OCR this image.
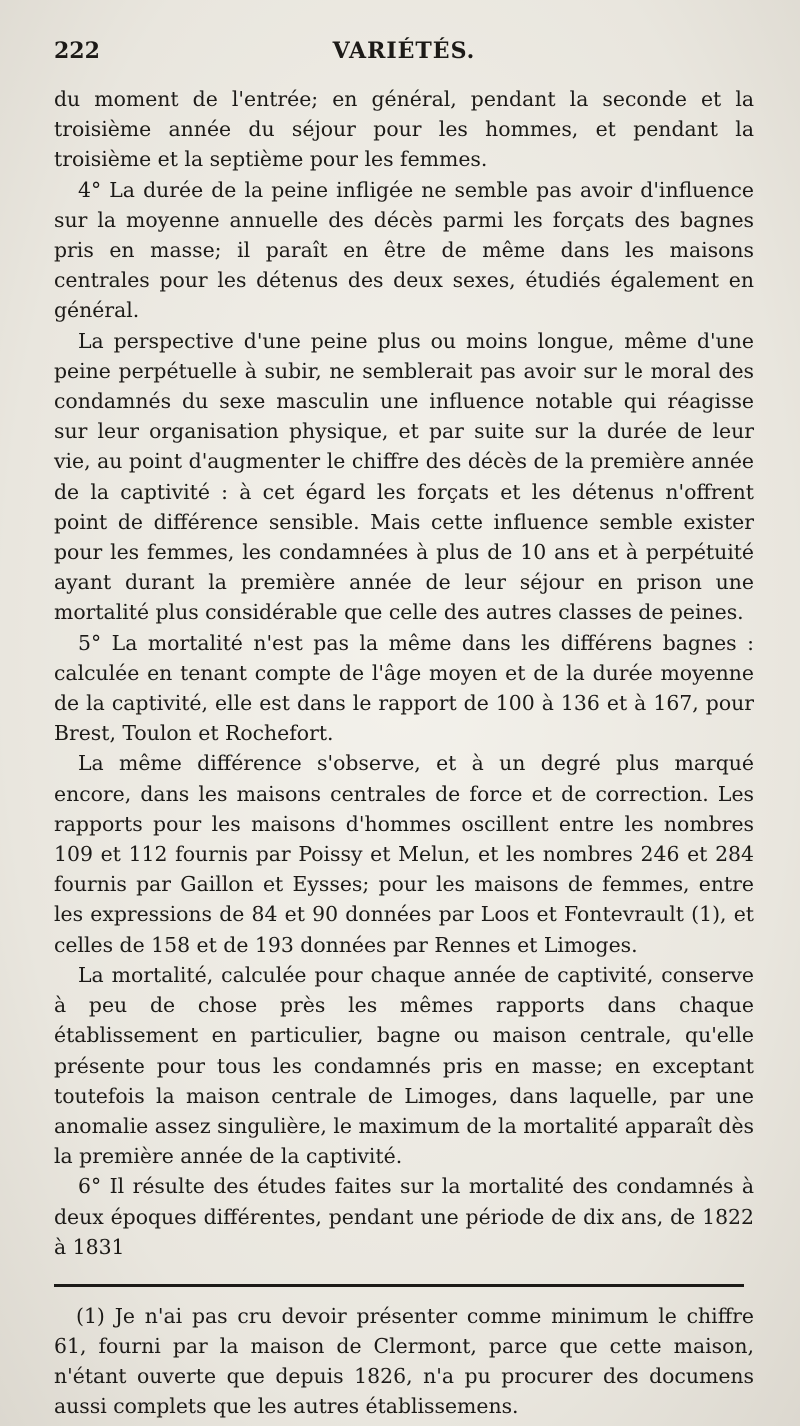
222	VARIÉTÉS.

du moment de l'entrée; en général, pendant la seconde et la troisième année du séjour pour les hommes, et pendant la troisième et la septième pour les femmes.

4° La durée de la peine infligée ne semble pas avoir d'influence sur la moyenne annuelle des décès parmi les forçats des bagnes pris en masse; il paraît en être de même dans les maisons centrales pour les détenus des deux sexes, étudiés également en général.

La perspective d'une peine plus ou moins longue, même d'une peine perpétuelle à subir, ne semblerait pas avoir sur le moral des condamnés du sexe masculin une influence notable qui réagisse sur leur organisation physique, et par suite sur la durée de leur vie, au point d'augmenter le chiffre des décès de la première année de la captivité : à cet égard les forçats et les détenus n'offrent point de différence sensible. Mais cette influence semble exister pour les femmes, les condamnées à plus de 10 ans et à perpétuité ayant durant la première année de leur séjour en prison une mortalité plus considérable que celle des autres classes de peines.

5° La mortalité n'est pas la même dans les différens bagnes : calculée en tenant compte de l'âge moyen et de la durée moyenne de la captivité, elle est dans le rapport de 100 à 136 et à 167, pour Brest, Toulon et Rochefort.

La même différence s'observe, et à un degré plus marqué encore, dans les maisons centrales de force et de correction. Les rapports pour les maisons d'hommes oscillent entre les nombres 109 et 112 fournis par Poissy et Melun, et les nombres 246 et 284 fournis par Gaillon et Eysses; pour les maisons de femmes, entre les expressions de 84 et 90 données par Loos et Fontevrault (1), et celles de 158 et de 193 données par Rennes et Limoges.

La mortalité, calculée pour chaque année de captivité, conserve à peu de chose près les mêmes rapports dans chaque établissement en particulier, bagne ou maison centrale, qu'elle présente pour tous les condamnés pris en masse; en exceptant toutefois la maison centrale de Limoges, dans laquelle, par une anomalie assez singulière, le maximum de la mortalité apparaît dès la première année de la captivité.

6° Il résulte des études faites sur la mortalité des condamnés à deux époques différentes, pendant une période de dix ans, de 1822 à 1831

(1) Je n'ai pas cru devoir présenter comme minimum le chiffre 61, fourni par la maison de Clermont, parce que cette maison, n'étant ouverte que depuis 1826, n'a pu procurer des documens aussi complets que les autres établissemens.
